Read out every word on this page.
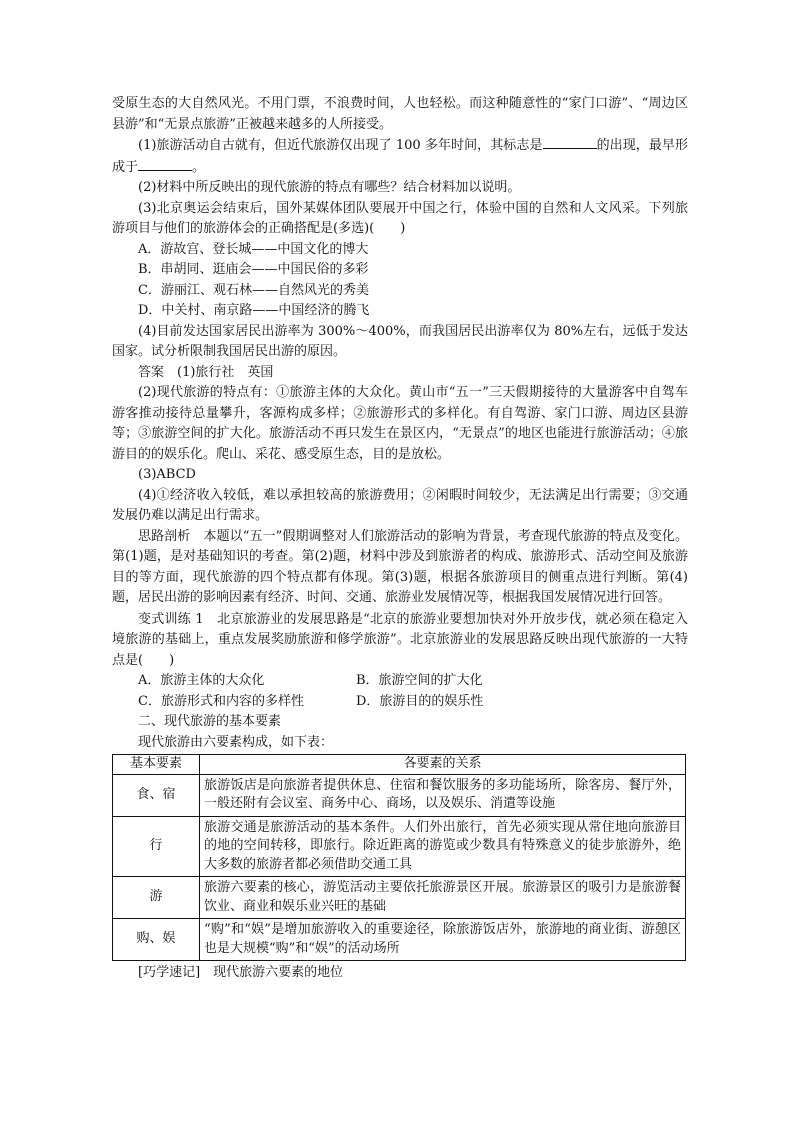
受原生态的大自然风光。不用门票，不浪费时间，人也轻松。而这种随意性的“家门口游”、“周边区县游”和“无景点旅游”正被越来越多的人所接受。

(1)旅游活动自古就有，但近代旅游仅出现了 100 多年时间，其标志是	的出现，最早形成于	。

(2)材料中所反映出的现代旅游的特点有哪些？结合材料加以说明。

(3)北京奥运会结束后，国外某媒体团队要展开中国之行，体验中国的自然和人文风采。下列旅游项目与他们的旅游体会的正确搭配是(多选)(　　)

A．游故宫、登长城——中国文化的博大

B．串胡同、逛庙会——中国民俗的多彩

C．游丽江、观石林——自然风光的秀美

D．中关村、南京路——中国经济的腾飞

(4)目前发达国家居民出游率为 300%～400%，而我国居民出游率仅为 80%左右，远低于发达国家。试分析限制我国居民出游的原因。

答案　(1)旅行社　英国

(2)现代旅游的特点有：①旅游主体的大众化。黄山市“五一”三天假期接待的大量游客中自驾车游客推动接待总量攀升，客源构成多样；②旅游形式的多样化。有自驾游、家门口游、周边区县游等；③旅游空间的扩大化。旅游活动不再只发生在景区内，“无景点”的地区也能进行旅游活动；④旅游目的的娱乐化。爬山、采花、感受原生态，目的是放松。

(3)ABCD

(4)①经济收入较低，难以承担较高的旅游费用；②闲暇时间较少，无法满足出行需要；③交通发展仍难以满足出行需求。

思路剖析　本题以“五一”假期调整对人们旅游活动的影响为背景，考查现代旅游的特点及变化。第(1)题，是对基础知识的考查。第(2)题，材料中涉及到旅游者的构成、旅游形式、活动空间及旅游目的等方面，现代旅游的四个特点都有体现。第(3)题，根据各旅游项目的侧重点进行判断。第(4)题，居民出游的影响因素有经济、时间、交通、旅游业发展情况等，根据我国发展情况进行回答。

变式训练 1　北京旅游业的发展思路是“北京的旅游业要想加快对外开放步伐，就必须在稳定入境旅游的基础上，重点发展奖励旅游和修学旅游”。北京旅游业的发展思路反映出现代旅游的一大特点是(　　)

A．旅游主体的大众化	B．旅游空间的扩大化
C．旅游形式和内容的多样性	D．旅游目的的娱乐性

二、现代旅游的基本要素

现代旅游由六要素构成，如下表：

基本要素	各要素的关系
食、宿	旅游饭店是向旅游者提供休息、住宿和餐饮服务的多功能场所，除客房、餐厅外，一般还附有会议室、商务中心、商场，以及娱乐、消遣等设施
行	旅游交通是旅游活动的基本条件。人们外出旅行，首先必须实现从常住地向旅游目的地的空间转移，即旅行。除近距离的游览或少数具有特殊意义的徒步旅游外，绝大多数的旅游者都必须借助交通工具
游	旅游六要素的核心，游览活动主要依托旅游景区开展。旅游景区的吸引力是旅游餐饮业、商业和娱乐业兴旺的基础
购、娱	“购”和“娱”是增加旅游收入的重要途径，除旅游饭店外，旅游地的商业街、游憩区也是大规模“购”和“娱”的活动场所

[巧学速记]　现代旅游六要素的地位
